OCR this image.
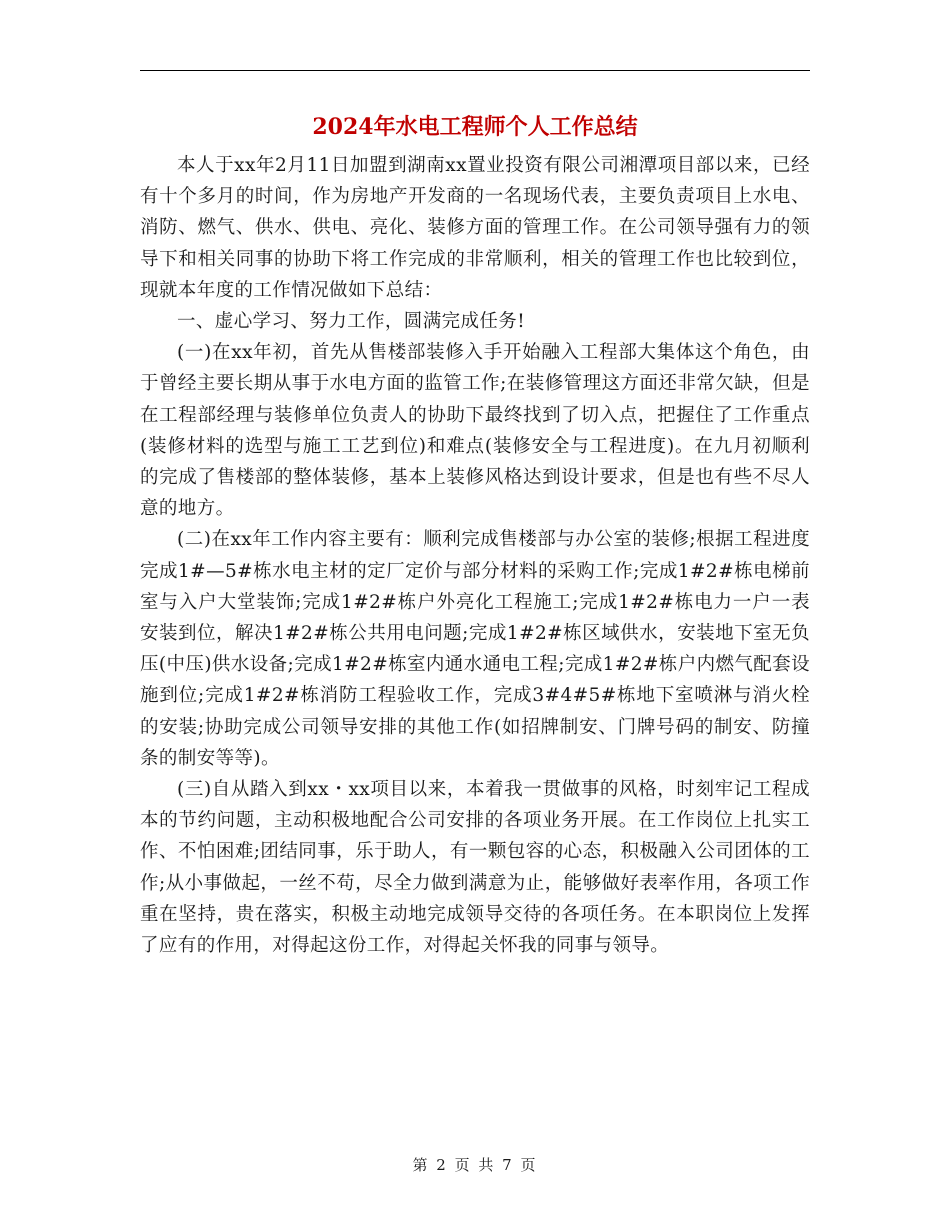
2024年水电工程师个人工作总结

本人于xx年2月11日加盟到湖南xx置业投资有限公司湘潭项目部以来，已经有十个多月的时间，作为房地产开发商的一名现场代表，主要负责项目上水电、消防、燃气、供水、供电、亮化、装修方面的管理工作。在公司领导强有力的领导下和相关同事的协助下将工作完成的非常顺利，相关的管理工作也比较到位，现就本年度的工作情况做如下总结：

一、虚心学习、努力工作，圆满完成任务!

(一)在xx年初，首先从售楼部装修入手开始融入工程部大集体这个角色，由于曾经主要长期从事于水电方面的监管工作;在装修管理这方面还非常欠缺，但是在工程部经理与装修单位负责人的协助下最终找到了切入点，把握住了工作重点(装修材料的选型与施工工艺到位)和难点(装修安全与工程进度)。在九月初顺利的完成了售楼部的整体装修，基本上装修风格达到设计要求，但是也有些不尽人意的地方。

(二)在xx年工作内容主要有：顺利完成售楼部与办公室的装修;根据工程进度完成1#—5#栋水电主材的定厂定价与部分材料的采购工作;完成1#2#栋电梯前室与入户大堂装饰;完成1#2#栋户外亮化工程施工;完成1#2#栋电力一户一表安装到位，解决1#2#栋公共用电问题;完成1#2#栋区域供水，安装地下室无负压(中压)供水设备;完成1#2#栋室内通水通电工程;完成1#2#栋户内燃气配套设施到位;完成1#2#栋消防工程验收工作，完成3#4#5#栋地下室喷淋与消火栓的安装;协助完成公司领导安排的其他工作(如招牌制安、门牌号码的制安、防撞条的制安等等)。

(三)自从踏入到xx・xx项目以来，本着我一贯做事的风格，时刻牢记工程成本的节约问题，主动积极地配合公司安排的各项业务开展。在工作岗位上扎实工作、不怕困难;团结同事，乐于助人，有一颗包容的心态，积极融入公司团体的工作;从小事做起，一丝不苟，尽全力做到满意为止，能够做好表率作用，各项工作重在坚持，贵在落实，积极主动地完成领导交待的各项任务。在本职岗位上发挥了应有的作用，对得起这份工作，对得起关怀我的同事与领导。

第 2 页 共 7 页
